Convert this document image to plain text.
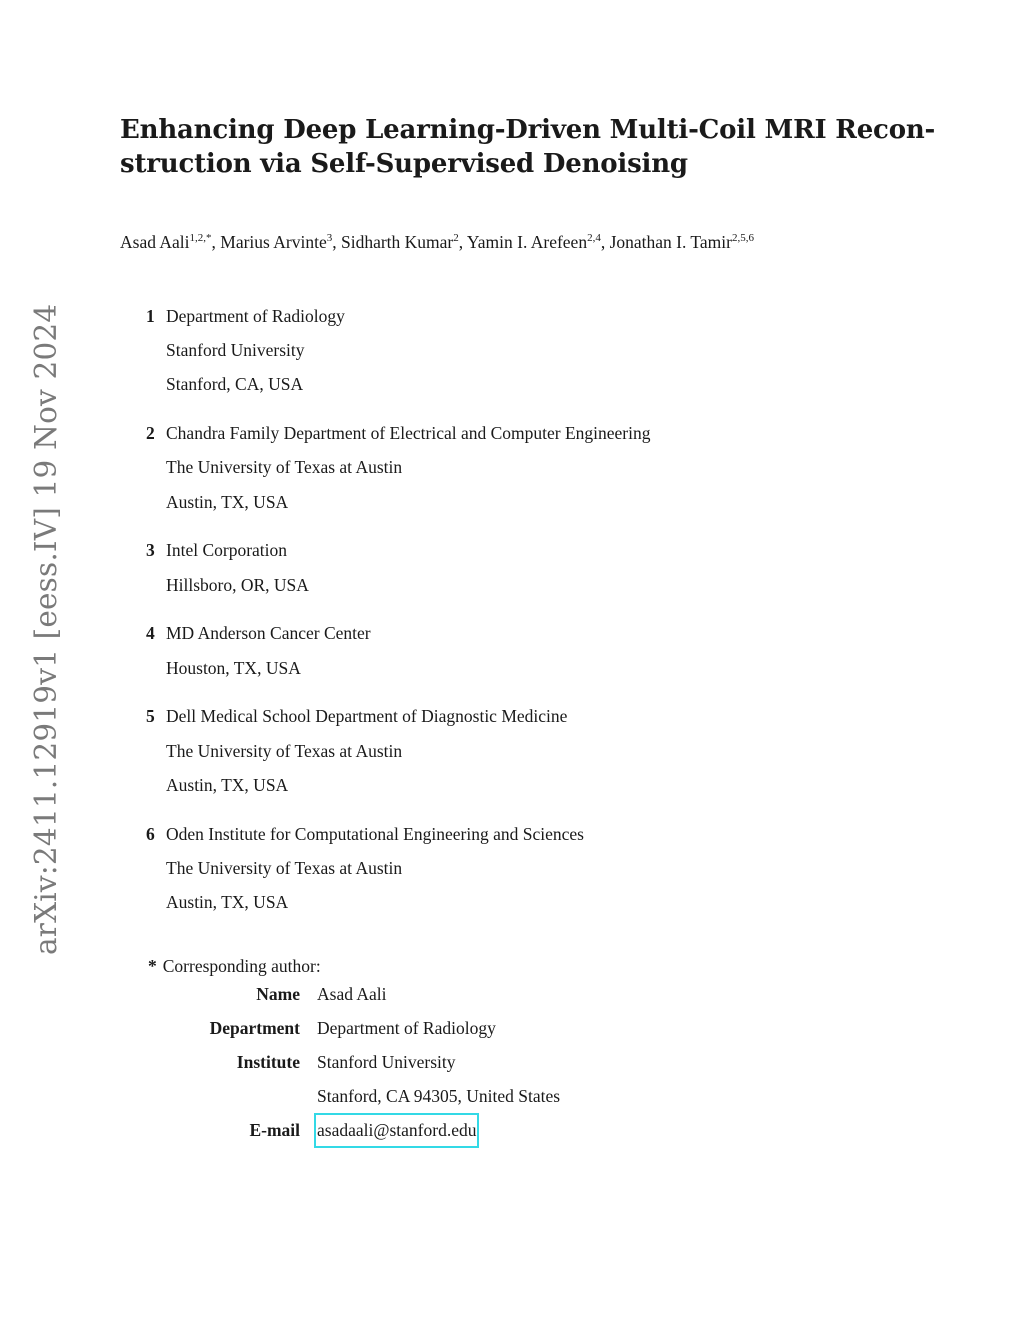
arXiv:2411.12919v1 [eess.IV] 19 Nov 2024
Enhancing Deep Learning-Driven Multi-Coil MRI Recon-
struction via Self-Supervised Denoising
Asad Aali$^{1,2,*}$, Marius Arvinte$^3$, Sidharth Kumar$^2$, Yamin I. Arefeen$^{2,4}$, Jonathan I. Tamir$^{2,5,6}$
1 Department of Radiology
Stanford University
Stanford, CA, USA
2 Chandra Family Department of Electrical and Computer Engineering
The University of Texas at Austin
Austin, TX, USA
3 Intel Corporation
Hillsboro, OR, USA
4 MD Anderson Cancer Center
Houston, TX, USA
5 Dell Medical School Department of Diagnostic Medicine
The University of Texas at Austin
Austin, TX, USA
6 Oden Institute for Computational Engineering and Sciences
The University of Texas at Austin
Austin, TX, USA
* Corresponding author:
Name Asad Aali
Department Department of Radiology
Institute Stanford University
Stanford, CA 94305, United States
E-mail asadaali@stanford.edu
